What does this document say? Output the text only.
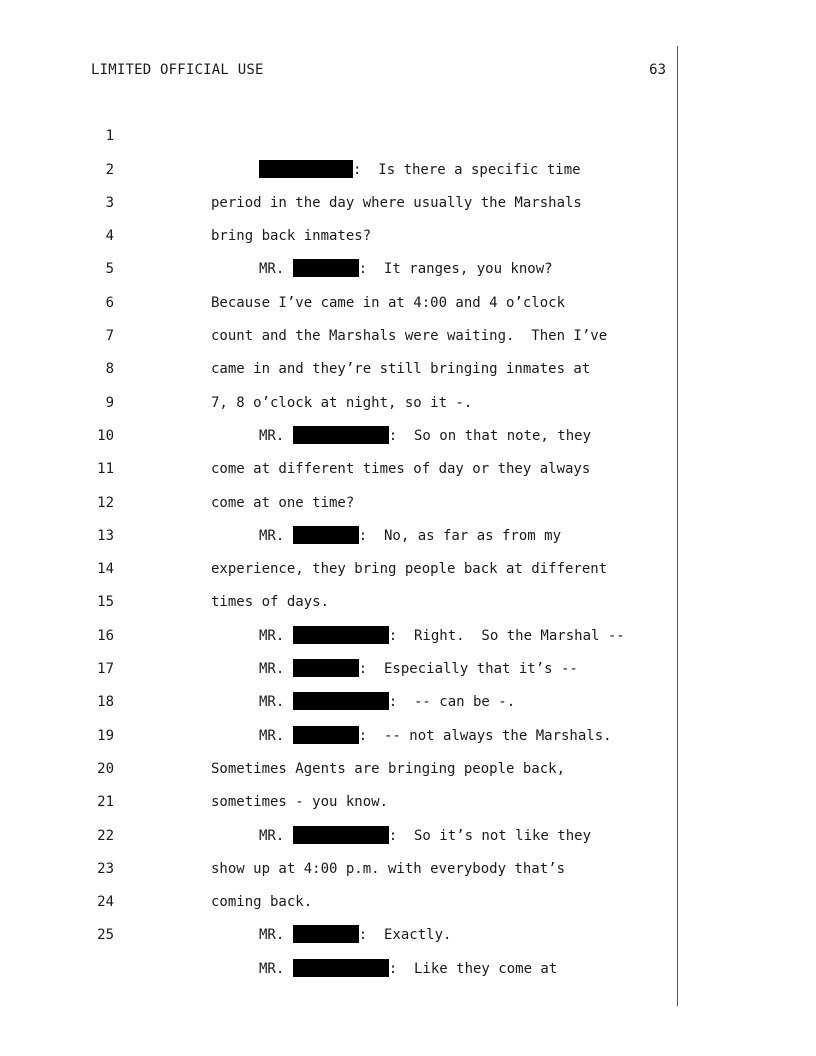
LIMITED OFFICIAL USE	63

1

:  Is there a specific time

2

period in the day where usually the Marshals

3

bring back inmates?

4

MR.	:  It ranges, you know?

5

Because I’ve came in at 4:00 and 4 o’clock

6

count and the Marshals were waiting.  Then I’ve

7

came in and they’re still bringing inmates at

8

7, 8 o’clock at night, so it -.

9

MR.	:  So on that note, they

10

come at different times of day or they always

11

come at one time?

12

MR.	:  No, as far as from my

13

experience, they bring people back at different

14

times of days.

15

MR.	:  Right.  So the Marshal --

16

MR.	:  Especially that it’s --

17

MR.	:  -- can be -.

18

MR.	:  -- not always the Marshals.

19

Sometimes Agents are bringing people back,

20

sometimes - you know.

21

MR.	:  So it’s not like they

22

show up at 4:00 p.m. with everybody that’s

23

coming back.

24

MR.	:  Exactly.

25

MR.	:  Like they come at
